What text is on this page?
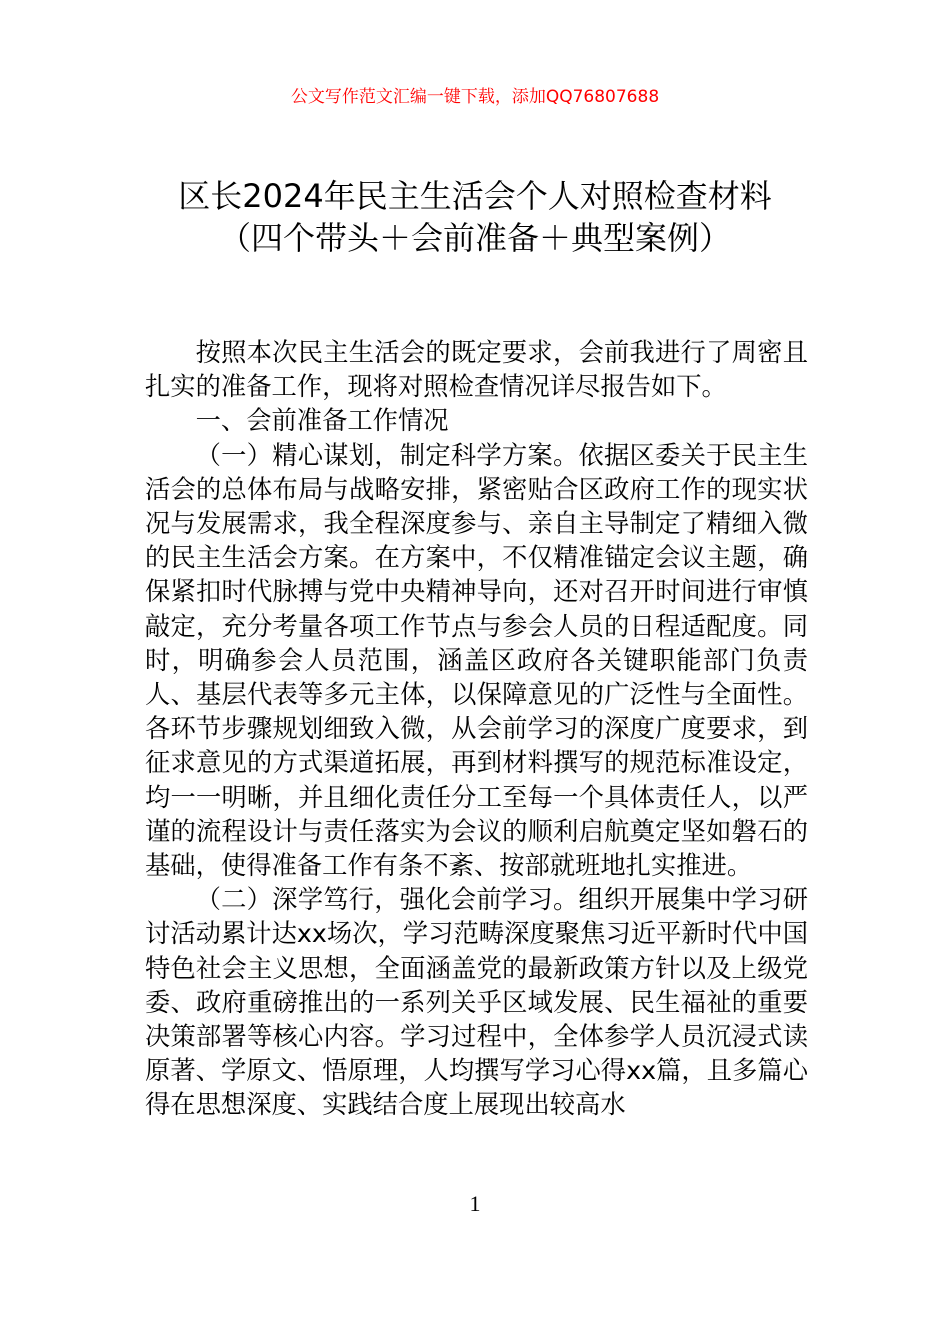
公文写作范文汇编一键下载，添加QQ76807688
区长2024年民主生活会个人对照检查材料
（四个带头＋会前准备＋典型案例）

按照本次民主生活会的既定要求，会前我进行了周密且扎实的准备工作，现将对照检查情况详尽报告如下。

一、会前准备工作情况

（一）精心谋划，制定科学方案。依据区委关于民主生活会的总体布局与战略安排，紧密贴合区政府工作的现实状况与发展需求，我全程深度参与、亲自主导制定了精细入微的民主生活会方案。在方案中，不仅精准锚定会议主题，确保紧扣时代脉搏与党中央精神导向，还对召开时间进行审慎敲定，充分考量各项工作节点与参会人员的日程适配度。同时，明确参会人员范围，涵盖区政府各关键职能部门负责人、基层代表等多元主体，以保障意见的广泛性与全面性。各环节步骤规划细致入微，从会前学习的深度广度要求，到征求意见的方式渠道拓展，再到材料撰写的规范标准设定，均一一明晰，并且细化责任分工至每一个具体责任人，以严谨的流程设计与责任落实为会议的顺利启航奠定坚如磐石的基础，使得准备工作有条不紊、按部就班地扎实推进。

（二）深学笃行，强化会前学习。组织开展集中学习研讨活动累计达xx场次，学习范畴深度聚焦习近平新时代中国特色社会主义思想，全面涵盖党的最新政策方针以及上级党委、政府重磅推出的一系列关乎区域发展、民生福祉的重要决策部署等核心内容。学习过程中，全体参学人员沉浸式读原著、学原文、悟原理，人均撰写学习心得xx篇，且多篇心得在思想深度、实践结合度上展现出较高水

1
